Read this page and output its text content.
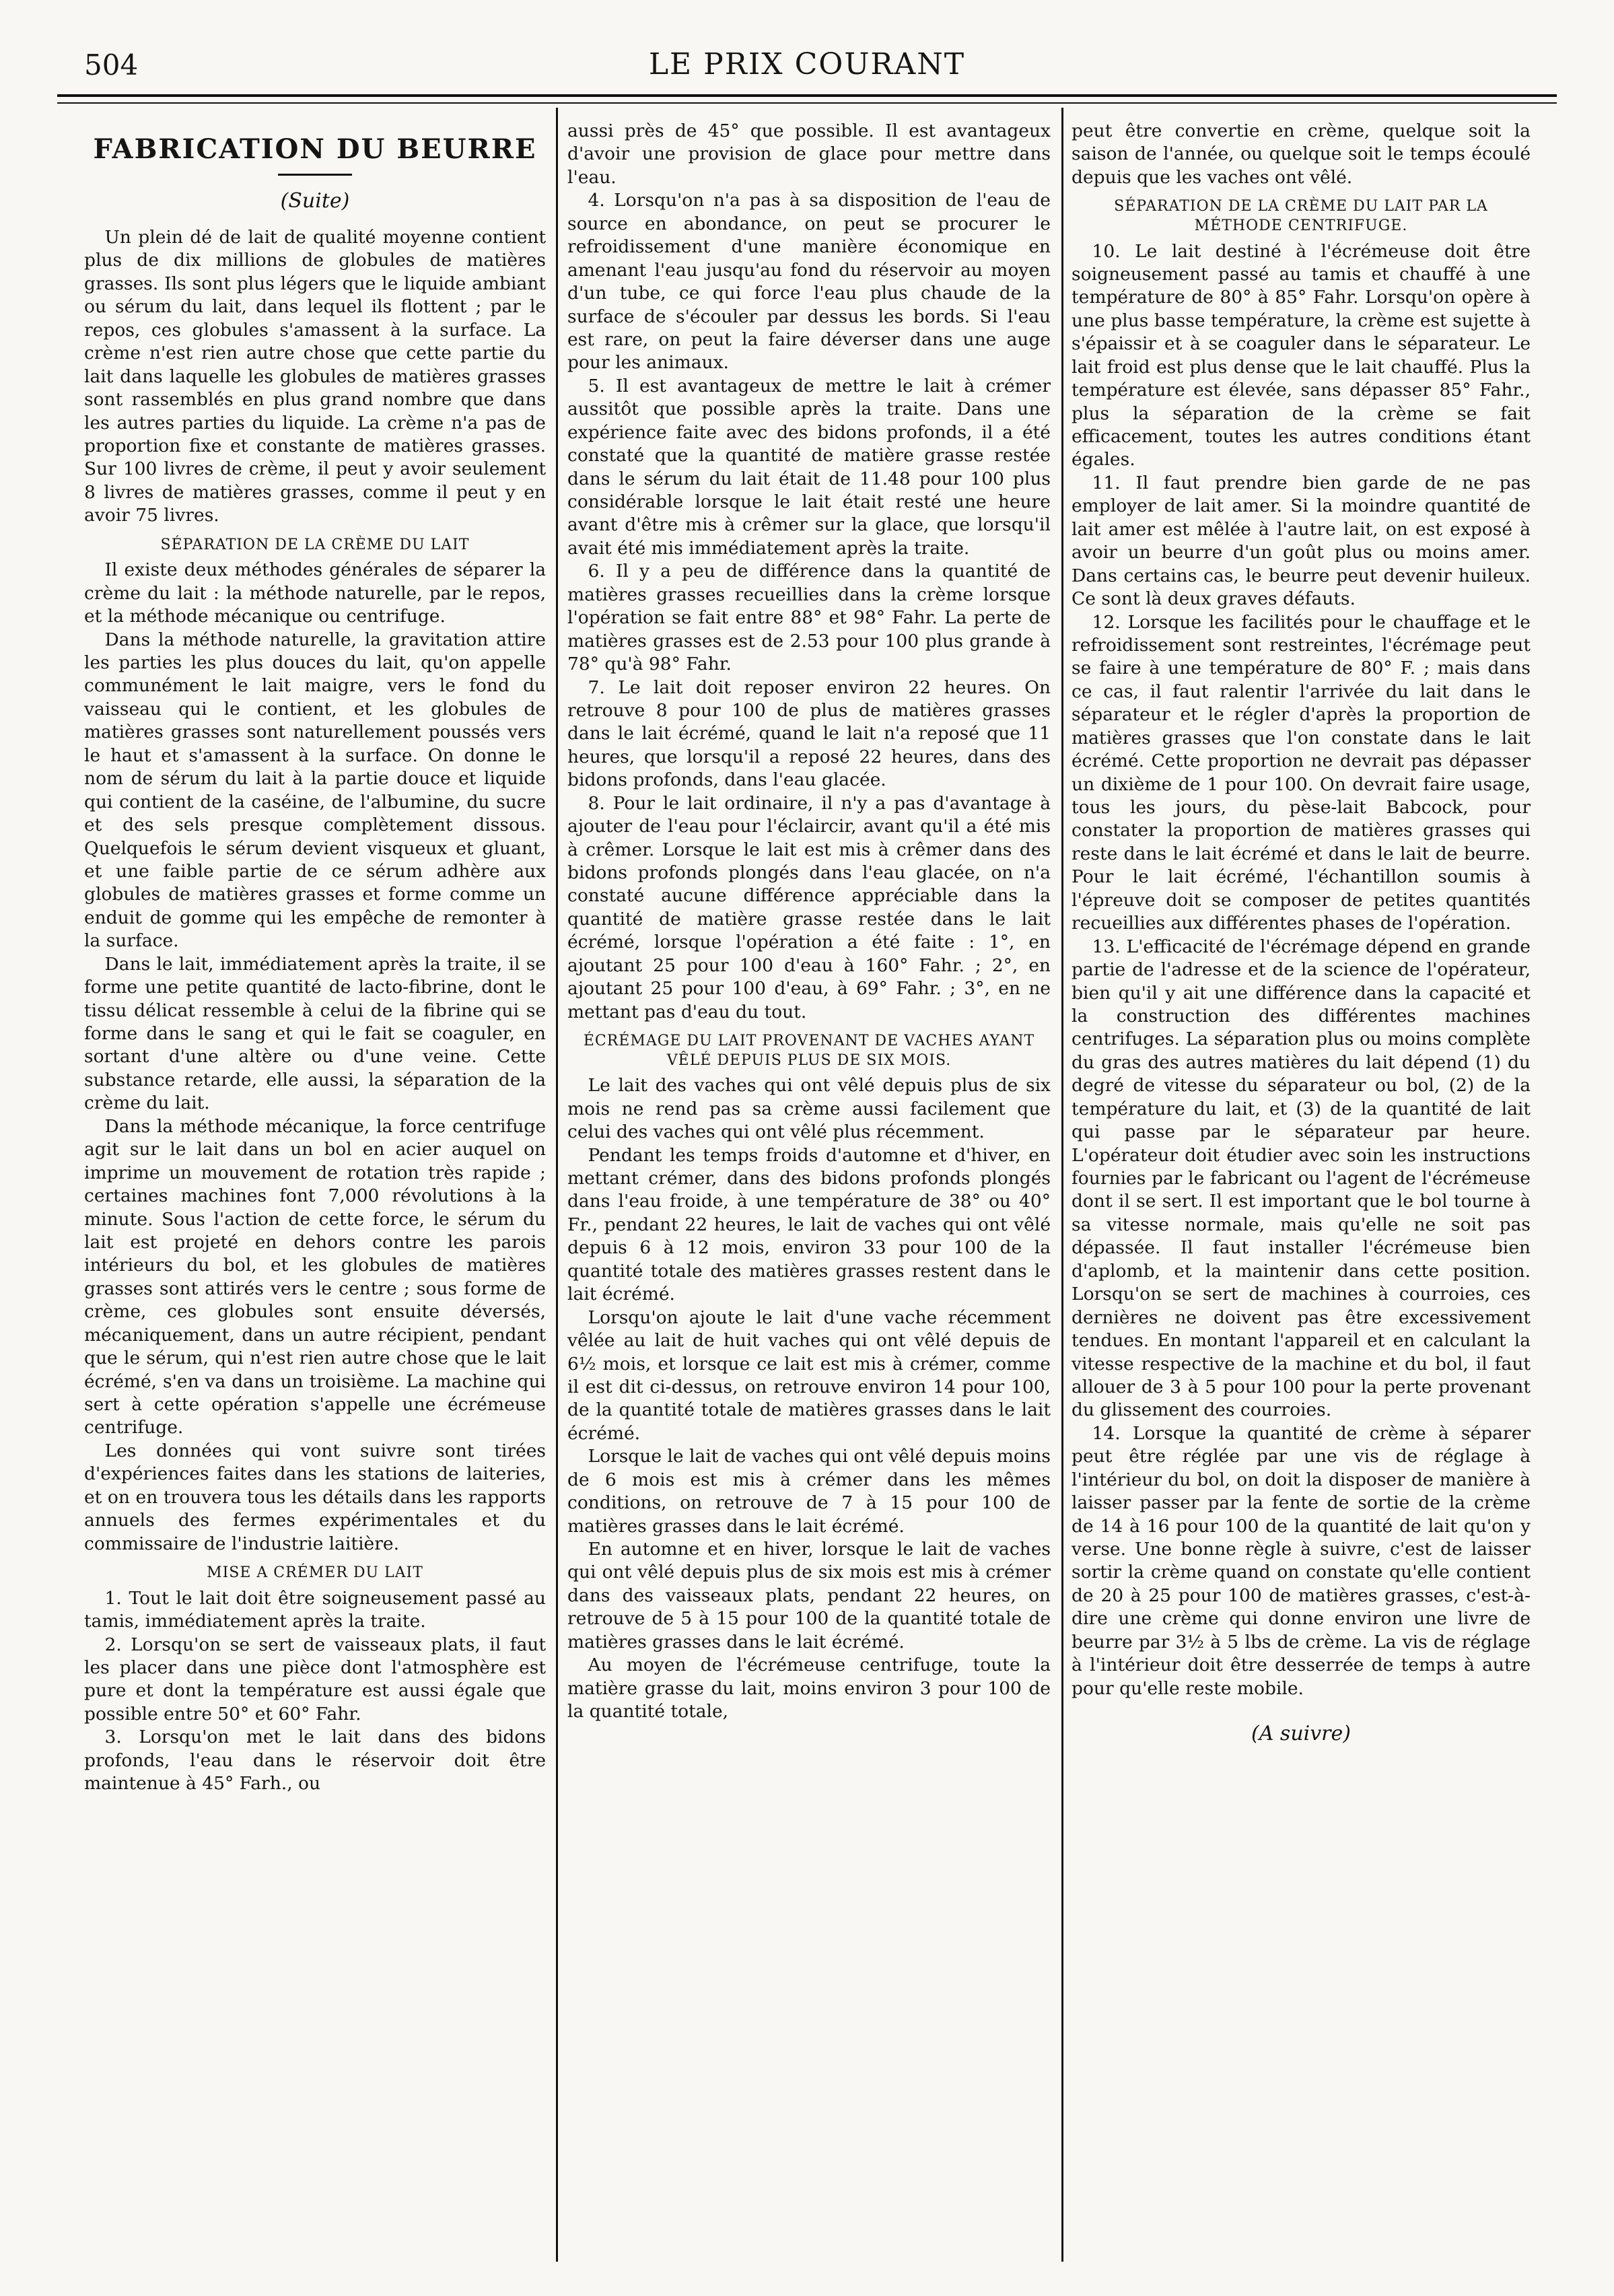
504	LE PRIX COURANT
FABRICATION DU BEURRE
(Suite)

Un plein dé de lait de qualité moyenne contient plus de dix millions de globules de matières grasses. Ils sont plus légers que le liquide ambiant ou sérum du lait, dans lequel ils flottent ; par le repos, ces globules s'amassent à la surface. La crème n'est rien autre chose que cette partie du lait dans laquelle les globules de matières grasses sont rassemblés en plus grand nombre que dans les autres parties du liquide. La crème n'a pas de proportion fixe et constante de matières grasses. Sur 100 livres de crème, il peut y avoir seulement 8 livres de matières grasses, comme il peut y en avoir 75 livres.

SÉPARATION DE LA CRÈME DU LAIT

Il existe deux méthodes générales de séparer la crème du lait : la méthode naturelle, par le repos, et la méthode mécanique ou centrifuge.

Dans la méthode naturelle, la gravitation attire les parties les plus douces du lait, qu'on appelle communément le lait maigre, vers le fond du vaisseau qui le contient, et les globules de matières grasses sont naturellement poussés vers le haut et s'amassent à la surface. On donne le nom de sérum du lait à la partie douce et liquide qui contient de la caséine, de l'albumine, du sucre et des sels presque complètement dissous. Quelquefois le sérum devient visqueux et gluant, et une faible partie de ce sérum adhère aux globules de matières grasses et forme comme un enduit de gomme qui les empêche de remonter à la surface.

Dans le lait, immédiatement après la traite, il se forme une petite quantité de lacto-fibrine, dont le tissu délicat ressemble à celui de la fibrine qui se forme dans le sang et qui le fait se coaguler, en sortant d'une altère ou d'une veine. Cette substance retarde, elle aussi, la séparation de la crème du lait.

Dans la méthode mécanique, la force centrifuge agit sur le lait dans un bol en acier auquel on imprime un mouvement de rotation très rapide ; certaines machines font 7,000 révolutions à la minute. Sous l'action de cette force, le sérum du lait est projeté en dehors contre les parois intérieurs du bol, et les globules de matières grasses sont attirés vers le centre ; sous forme de crème, ces globules sont ensuite déversés, mécaniquement, dans un autre récipient, pendant que le sérum, qui n'est rien autre chose que le lait écrémé, s'en va dans un troisième. La machine qui sert à cette opération s'appelle une écrémeuse centrifuge.

Les données qui vont suivre sont tirées d'expériences faites dans les stations de laiteries, et on en trouvera tous les détails dans les rapports annuels des fermes expérimentales et du commissaire de l'industrie laitière.

MISE A CRÉMER DU LAIT

1. Tout le lait doit être soigneusement passé au tamis, immédiatement après la traite.

2. Lorsqu'on se sert de vaisseaux plats, il faut les placer dans une pièce dont l'atmosphère est pure et dont la température est aussi égale que possible entre 50° et 60° Fahr.

3. Lorsqu'on met le lait dans des bidons profonds, l'eau dans le réservoir doit être maintenue à 45° Farh., ou

aussi près de 45° que possible. Il est avantageux d'avoir une provision de glace pour mettre dans l'eau.

4. Lorsqu'on n'a pas à sa disposition de l'eau de source en abondance, on peut se procurer le refroidissement d'une manière économique en amenant l'eau jusqu'au fond du réservoir au moyen d'un tube, ce qui force l'eau plus chaude de la surface de s'écouler par dessus les bords. Si l'eau est rare, on peut la faire déverser dans une auge pour les animaux.

5. Il est avantageux de mettre le lait à crémer aussitôt que possible après la traite. Dans une expérience faite avec des bidons profonds, il a été constaté que la quantité de matière grasse restée dans le sérum du lait était de 11.48 pour 100 plus considérable lorsque le lait était resté une heure avant d'être mis à crêmer sur la glace, que lorsqu'il avait été mis immédiatement après la traite.

6. Il y a peu de différence dans la quantité de matières grasses recueillies dans la crème lorsque l'opération se fait entre 88° et 98° Fahr. La perte de matières grasses est de 2.53 pour 100 plus grande à 78° qu'à 98° Fahr.

7. Le lait doit reposer environ 22 heures. On retrouve 8 pour 100 de plus de matières grasses dans le lait écrémé, quand le lait n'a reposé que 11 heures, que lorsqu'il a reposé 22 heures, dans des bidons profonds, dans l'eau glacée.

8. Pour le lait ordinaire, il n'y a pas d'avantage à ajouter de l'eau pour l'éclaircir, avant qu'il a été mis à crêmer. Lorsque le lait est mis à crêmer dans des bidons profonds plongés dans l'eau glacée, on n'a constaté aucune différence appréciable dans la quantité de matière grasse restée dans le lait écrémé, lorsque l'opération a été faite : 1°, en ajoutant 25 pour 100 d'eau à 160° Fahr. ; 2°, en ajoutant 25 pour 100 d'eau, à 69° Fahr. ; 3°, en ne mettant pas d'eau du tout.

ÉCRÉMAGE DU LAIT PROVENANT DE VACHES AYANT VÊLÉ DEPUIS PLUS DE SIX MOIS.

Le lait des vaches qui ont vêlé depuis plus de six mois ne rend pas sa crème aussi facilement que celui des vaches qui ont vêlé plus récemment.

Pendant les temps froids d'automne et d'hiver, en mettant crémer, dans des bidons profonds plongés dans l'eau froide, à une température de 38° ou 40° Fr., pendant 22 heures, le lait de vaches qui ont vêlé depuis 6 à 12 mois, environ 33 pour 100 de la quantité totale des matières grasses restent dans le lait écrémé.

Lorsqu'on ajoute le lait d'une vache récemment vêlée au lait de huit vaches qui ont vêlé depuis de 6½ mois, et lorsque ce lait est mis à crémer, comme il est dit ci-dessus, on retrouve environ 14 pour 100, de la quantité totale de matières grasses dans le lait écrémé.

Lorsque le lait de vaches qui ont vêlé depuis moins de 6 mois est mis à crémer dans les mêmes conditions, on retrouve de 7 à 15 pour 100 de matières grasses dans le lait écrémé.

En automne et en hiver, lorsque le lait de vaches qui ont vêlé depuis plus de six mois est mis à crémer dans des vaisseaux plats, pendant 22 heures, on retrouve de 5 à 15 pour 100 de la quantité totale de matières grasses dans le lait écrémé.

Au moyen de l'écrémeuse centrifuge, toute la matière grasse du lait, moins environ 3 pour 100 de la quantité totale,

peut être convertie en crème, quelque soit la saison de l'année, ou quelque soit le temps écoulé depuis que les vaches ont vêlé.

SÉPARATION DE LA CRÈME DU LAIT PAR LA MÉTHODE CENTRIFUGE.

10. Le lait destiné à l'écrémeuse doit être soigneusement passé au tamis et chauffé à une température de 80° à 85° Fahr. Lorsqu'on opère à une plus basse température, la crème est sujette à s'épaissir et à se coaguler dans le séparateur. Le lait froid est plus dense que le lait chauffé. Plus la température est élevée, sans dépasser 85° Fahr., plus la séparation de la crème se fait efficacement, toutes les autres conditions étant égales.

11. Il faut prendre bien garde de ne pas employer de lait amer. Si la moindre quantité de lait amer est mêlée à l'autre lait, on est exposé à avoir un beurre d'un goût plus ou moins amer. Dans certains cas, le beurre peut devenir huileux. Ce sont là deux graves défauts.

12. Lorsque les facilités pour le chauffage et le refroidissement sont restreintes, l'écrémage peut se faire à une température de 80° F. ; mais dans ce cas, il faut ralentir l'arrivée du lait dans le séparateur et le régler d'après la proportion de matières grasses que l'on constate dans le lait écrémé. Cette proportion ne devrait pas dépasser un dixième de 1 pour 100. On devrait faire usage, tous les jours, du pèse-lait Babcock, pour constater la proportion de matières grasses qui reste dans le lait écrémé et dans le lait de beurre. Pour le lait écrémé, l'échantillon soumis à l'épreuve doit se composer de petites quantités recueillies aux différentes phases de l'opération.

13. L'efficacité de l'écrémage dépend en grande partie de l'adresse et de la science de l'opérateur, bien qu'il y ait une différence dans la capacité et la construction des différentes machines centrifuges. La séparation plus ou moins complète du gras des autres matières du lait dépend (1) du degré de vitesse du séparateur ou bol, (2) de la température du lait, et (3) de la quantité de lait qui passe par le séparateur par heure. L'opérateur doit étudier avec soin les instructions fournies par le fabricant ou l'agent de l'écrémeuse dont il se sert. Il est important que le bol tourne à sa vitesse normale, mais qu'elle ne soit pas dépassée. Il faut installer l'écrémeuse bien d'aplomb, et la maintenir dans cette position. Lorsqu'on se sert de machines à courroies, ces dernières ne doivent pas être excessivement tendues. En montant l'appareil et en calculant la vitesse respective de la machine et du bol, il faut allouer de 3 à 5 pour 100 pour la perte provenant du glissement des courroies.

14. Lorsque la quantité de crème à séparer peut être réglée par une vis de réglage à l'intérieur du bol, on doit la disposer de manière à laisser passer par la fente de sortie de la crème de 14 à 16 pour 100 de la quantité de lait qu'on y verse. Une bonne règle à suivre, c'est de laisser sortir la crème quand on constate qu'elle contient de 20 à 25 pour 100 de matières grasses, c'est-à-dire une crème qui donne environ une livre de beurre par 3½ à 5 lbs de crème. La vis de réglage à l'intérieur doit être desserrée de temps à autre pour qu'elle reste mobile.

(A suivre)
